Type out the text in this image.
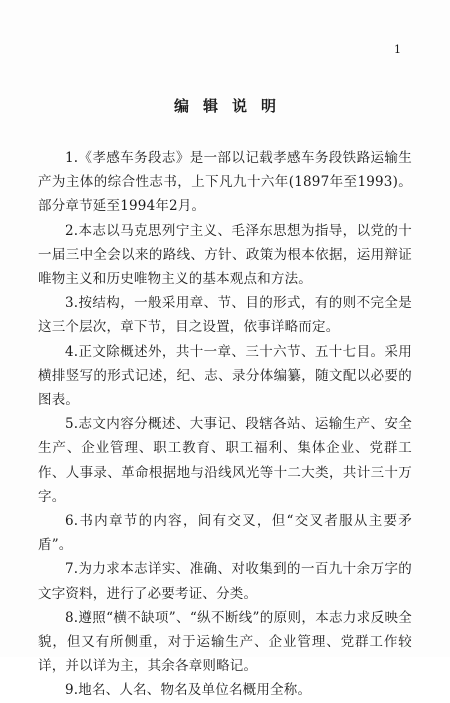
1
编辑说明

1.《孝感车务段志》是一部以记载孝感车务段铁路运输生产为主体的综合性志书，上下凡九十六年(1897年至1993)。部分章节延至1994年2月。

2.本志以马克思列宁主义、毛泽东思想为指导，以党的十一届三中全会以来的路线、方针、政策为根本依据，运用辩证唯物主义和历史唯物主义的基本观点和方法。

3.按结构，一般采用章、节、目的形式，有的则不完全是这三个层次，章下节，目之设置，依事详略而定。

4.正文除概述外，共十一章、三十六节、五十七目。采用横排竖写的形式记述，纪、志、录分体编纂，随文配以必要的图表。

5.志文内容分概述、大事记、段辖各站、运输生产、安全生产、企业管理、职工教育、职工福利、集体企业、党群工作、人事录、革命根据地与沿线风光等十二大类，共计三十万字。

6.书内章节的内容，间有交叉，但“交叉者服从主要矛盾”。

7.为力求本志详实、准确、对收集到的一百九十余万字的文字资料，进行了必要考证、分类。

8.遵照“横不缺项”、“纵不断线”的原则，本志力求反映全貌，但又有所侧重，对于运输生产、企业管理、党群工作较详，并以详为主，其余各章则略记。

9.地名、人名、物名及单位名概用全称。
